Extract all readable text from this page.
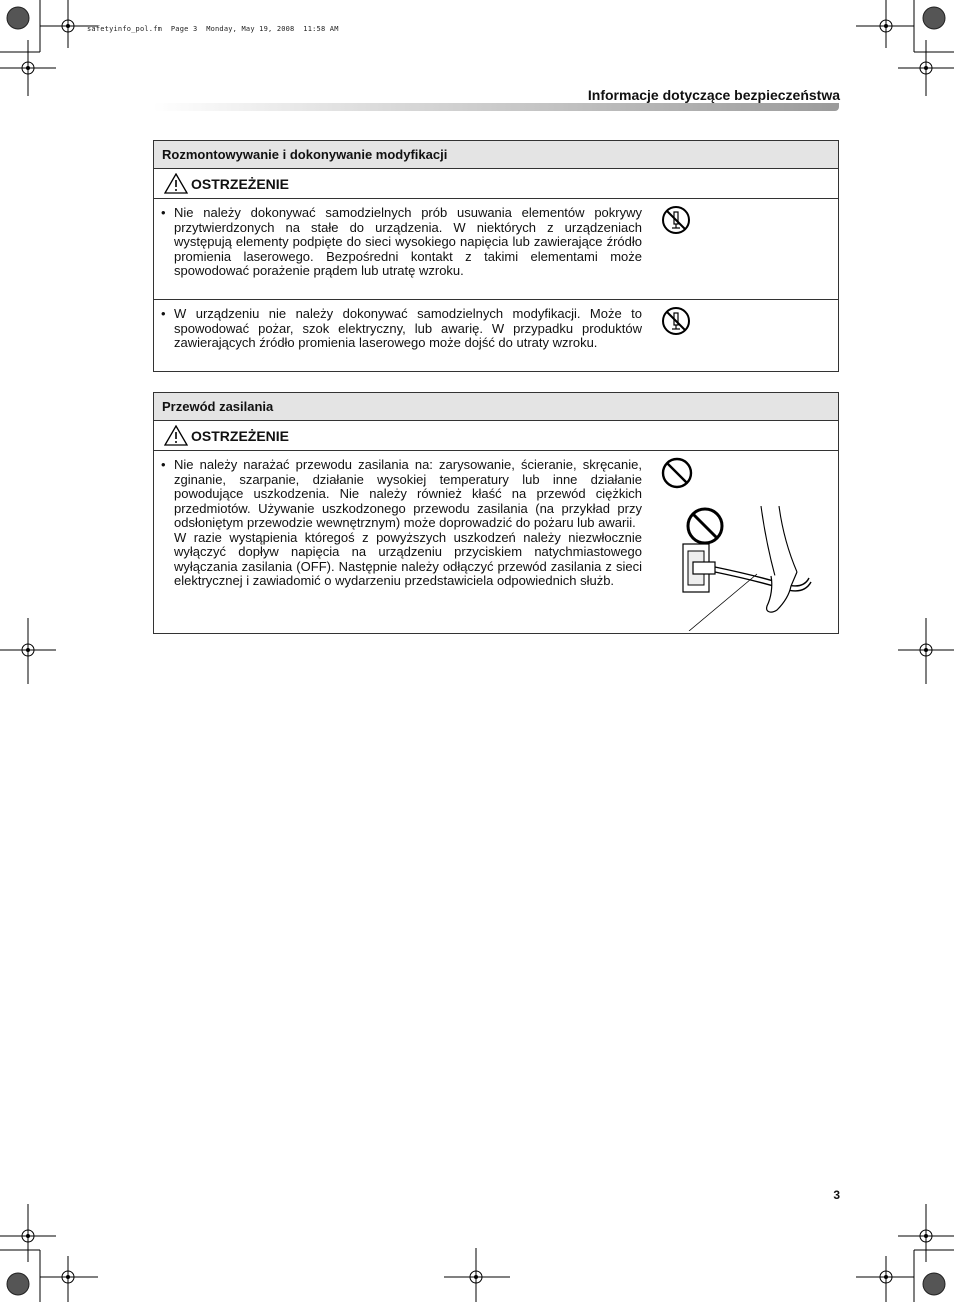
safetyinfo_pol.fm  Page 3  Monday, May 19, 2008  11:58 AM
Informacje dotyczące bezpieczeństwa
Rozmontowywanie i dokonywanie modyfikacji
OSTRZEŻENIE
• Nie należy dokonywać samodzielnych prób usuwania elementów pokrywy przytwierdzonych na stałe do urządzenia. W niektórych z urządzeniach występują elementy podpięte do sieci wysokiego napięcia lub zawierające źródło promienia laserowego. Bezpośredni kontakt z takimi elementami może spowodować porażenie prądem lub utratę wzroku.

• W urządzeniu nie należy dokonywać samodzielnych modyfikacji. Może to spowodować pożar, szok elektryczny, lub awarię. W przypadku produktów zawierających źródło promienia laserowego może dojść do utraty wzroku.

Przewód zasilania
OSTRZEŻENIE
• Nie należy narażać przewodu zasilania na: zarysowanie, ścieranie, skręcanie, zginanie, szarpanie, działanie wysokiej temperatury lub inne działanie powodujące uszkodzenia. Nie należy również kłaść na przewód ciężkich przedmiotów. Używanie uszkodzonego przewodu zasilania (na przykład przy odsłoniętym przewodzie wewnętrznym) może doprowadzić do pożaru lub awarii.

W razie wystąpienia któregoś z powyższych uszkodzeń należy niezwłocznie wyłączyć dopływ napięcia na urządzeniu przyciskiem natychmiastowego wyłączania zasilania (OFF). Następnie należy odłączyć przewód zasilania z sieci elektrycznej i zawiadomić o wydarzeniu przedstawiciela odpowiednich służb.

3
